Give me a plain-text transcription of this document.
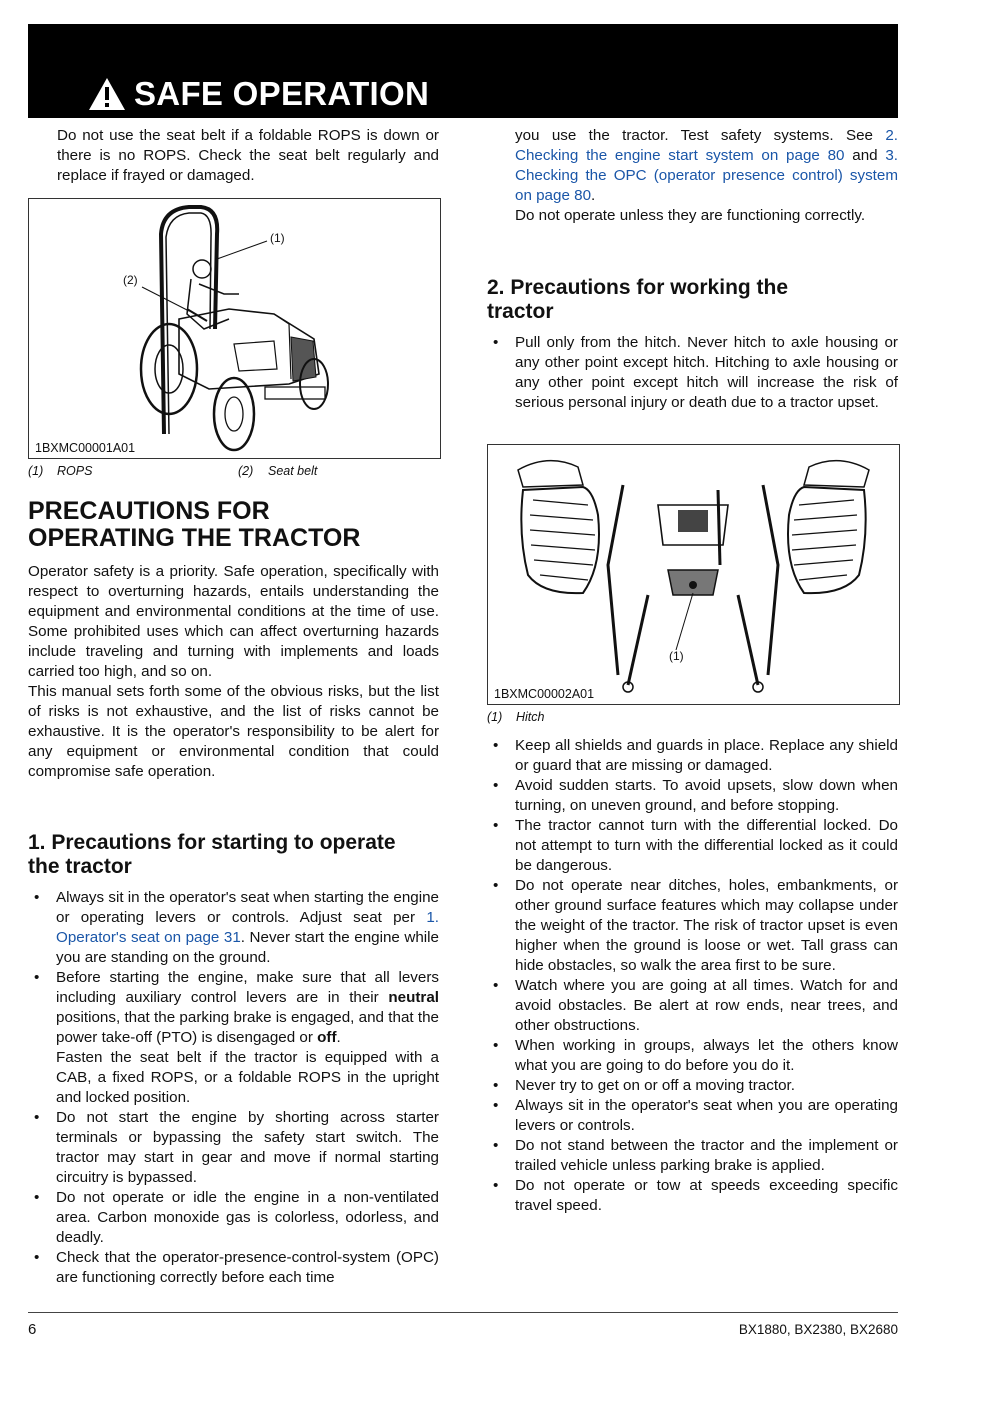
SAFE OPERATION

Do not use the seat belt if a foldable ROPS is down or there is no ROPS. Check the seat belt regularly and replace if frayed or damaged.

(1)
(2)
1BXMC00001A01
(1) ROPS	(2) Seat belt
PRECAUTIONS FOR
OPERATING THE TRACTOR

Operator safety is a priority. Safe operation, specifically with respect to overturning hazards, entails understanding the equipment and environmental conditions at the time of use. Some prohibited uses which can affect overturning hazards include traveling and turning with implements and loads carried too high, and so on.

This manual sets forth some of the obvious risks, but the list of risks is not exhaustive, and the list of risks cannot be exhaustive. It is the operator's responsibility to be alert for any equipment or environmental condition that could compromise safe operation.

1. Precautions for starting to operate
the tractor
• Always sit in the operator's seat when starting the engine or operating levers or controls. Adjust seat per 1. Operator's seat on page 31. Never start the engine while you are standing on the ground.
• Before starting the engine, make sure that all levers including auxiliary control levers are in their neutral positions, that the parking brake is engaged, and that the power take-off (PTO) is disengaged or off.
Fasten the seat belt if the tractor is equipped with a CAB, a fixed ROPS, or a foldable ROPS in the upright and locked position.
• Do not start the engine by shorting across starter terminals or bypassing the safety start switch. The tractor may start in gear and move if normal starting circuitry is bypassed.
• Do not operate or idle the engine in a non-ventilated area. Carbon monoxide gas is colorless, odorless, and deadly.
• Check that the operator-presence-control-system (OPC) are functioning correctly before each time

you use the tractor. Test safety systems. See 2. Checking the engine start system on page 80 and 3. Checking the OPC (operator presence control) system on page 80.

Do not operate unless they are functioning correctly.

2. Precautions for working the
tractor
• Pull only from the hitch. Never hitch to axle housing or any other point except hitch. Hitching to axle housing or any other point except hitch will increase the risk of serious personal injury or death due to a tractor upset.
(1)
1BXMC00002A01
(1) Hitch
• Keep all shields and guards in place. Replace any shield or guard that are missing or damaged.
• Avoid sudden starts. To avoid upsets, slow down when turning, on uneven ground, and before stopping.
• The tractor cannot turn with the differential locked. Do not attempt to turn with the differential locked as it could be dangerous.
• Do not operate near ditches, holes, embankments, or other ground surface features which may collapse under the weight of the tractor. The risk of tractor upset is even higher when the ground is loose or wet. Tall grass can hide obstacles, so walk the area first to be sure.
• Watch where you are going at all times. Watch for and avoid obstacles. Be alert at row ends, near trees, and other obstructions.
• When working in groups, always let the others know what you are going to do before you do it.
• Never try to get on or off a moving tractor.
• Always sit in the operator's seat when you are operating levers or controls.
• Do not stand between the tractor and the implement or trailed vehicle unless parking brake is applied.
• Do not operate or tow at speeds exceeding specific travel speed.
6	BX1880, BX2380, BX2680
